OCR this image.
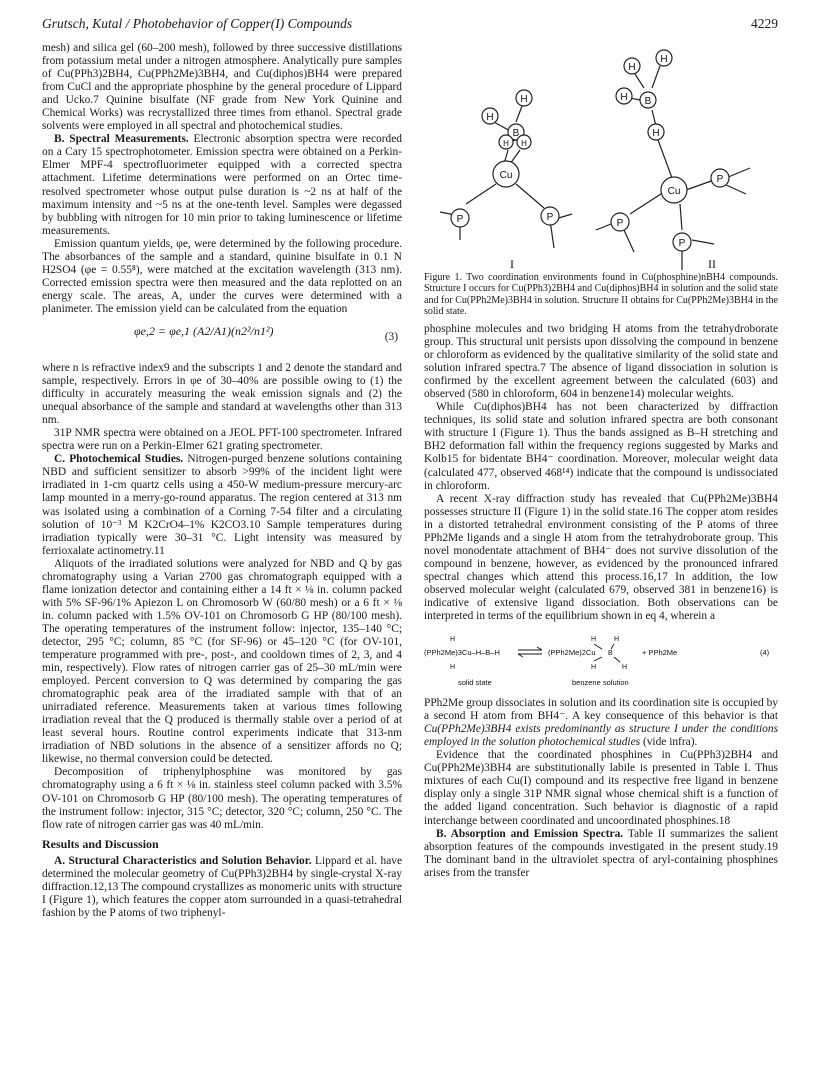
Grutsch, Kutal / Photobehavior of Copper(I) Compounds	4229

mesh) and silica gel (60–200 mesh), followed by three successive distillations from potassium metal under a nitrogen atmosphere. Analytically pure samples of Cu(PPh3)2BH4, Cu(PPh2Me)3BH4, and Cu(diphos)BH4 were prepared from CuCl and the appropriate phosphine by the general procedure of Lippard and Ucko.7 Quinine bisulfate (NF grade from New York Quinine and Chemical Works) was recrystallized three times from ethanol. Spectral grade solvents were employed in all spectral and photochemical studies.

B. Spectral Measurements. Electronic absorption spectra were recorded on a Cary 15 spectrophotometer. Emission spectra were obtained on a Perkin-Elmer MPF-4 spectrofluorimeter equipped with a corrected spectra attachment. Lifetime determinations were performed on an Ortec time-resolved spectrometer whose output pulse duration is ~2 ns at half of the maximum intensity and ~5 ns at the one-tenth level. Samples were degassed by bubbling with nitrogen for 10 min prior to taking luminescence or lifetime measurements.

Emission quantum yields, φe, were determined by the following procedure. The absorbances of the sample and a standard, quinine bisulfate in 0.1 N H2SO4 (φe = 0.55⁸), were matched at the excitation wavelength (313 nm). Corrected emission spectra were then measured and the data replotted on an energy scale. The areas, A, under the curves were determined with a planimeter. The emission yield can be calculated from the equation

φe,2 = φe,1 (A2/A1)(n2²/n1²)	(3)

where n is refractive index9 and the subscripts 1 and 2 denote the standard and sample, respectively. Errors in φe of 30–40% are possible owing to (1) the difficulty in accurately measuring the weak emission signals and (2) the unequal absorbance of the sample and standard at wavelengths other than 313 nm.

31P NMR spectra were obtained on a JEOL PFT-100 spectrometer. Infrared spectra were run on a Perkin-Elmer 621 grating spectrometer.

C. Photochemical Studies. Nitrogen-purged benzene solutions containing NBD and sufficient sensitizer to absorb >99% of the incident light were irradiated in 1-cm quartz cells using a 450-W medium-pressure mercury-arc lamp mounted in a merry-go-round apparatus. The region centered at 313 nm was isolated using a combination of a Corning 7-54 filter and a circulating solution of 10⁻³ M K2CrO4–1% K2CO3.10 Sample temperatures during irradiation typically were 30–31 °C. Light intensity was measured by ferrioxalate actinometry.11

Aliquots of the irradiated solutions were analyzed for NBD and Q by gas chromatography using a Varian 2700 gas chromatograph equipped with a flame ionization detector and containing either a 14 ft × ⅛ in. column packed with 5% SF-96/1% Apiezon L on Chromosorb W (60/80 mesh) or a 6 ft × ⅛ in. column packed with 1.5% OV-101 on Chromosorb G HP (80/100 mesh). The operating temperatures of the instrument follow: injector, 135–140 °C; detector, 295 °C; column, 85 °C (for SF-96) or 45–120 °C (for OV-101, temperature programmed with pre-, post-, and cooldown times of 2, 3, and 4 min, respectively). Flow rates of nitrogen carrier gas of 25–30 mL/min were employed. Percent conversion to Q was determined by comparing the gas chromatographic peak area of the irradiated sample with that of an unirradiated reference. Measurements taken at various times following irradiation reveal that the Q produced is thermally stable over a period of at least several hours. Routine control experiments indicate that 313-nm irradiation of NBD solutions in the absence of a sensitizer affords no Q; likewise, no thermal conversion could be detected.

Decomposition of triphenylphosphine was monitored by gas chromatography using a 6 ft × ⅛ in. stainless steel column packed with 3.5% OV-101 on Chromosorb G HP (80/100 mesh). The operating temperatures of the instrument follow: injector, 315 °C; detector, 320 °C; column, 250 °C. The flow rate of nitrogen carrier gas was 40 mL/min.

Results and Discussion

A. Structural Characteristics and Solution Behavior. Lippard et al. have determined the molecular geometry of Cu(PPh3)2BH4 by single-crystal X-ray diffraction.12,13 The compound crystallizes as monomeric units with structure I (Figure 1), which features the copper atom surrounded in a quasi-tetrahedral fashion by the P atoms of two triphenyl-

H
H
B
H H
Cu
P	P
H
H
H B
H
Cu
P
P
P
I	II
Figure 1. Two coordination environments found in Cu(phosphine)nBH4 compounds. Structure I occurs for Cu(PPh3)2BH4 and Cu(diphos)BH4 in solution and the solid state and for Cu(PPh2Me)3BH4 in solution. Structure II obtains for Cu(PPh2Me)3BH4 in the solid state.

phosphine molecules and two bridging H atoms from the tetrahydroborate group. This structural unit persists upon dissolving the compound in benzene or chloroform as evidenced by the qualitative similarity of the solid state and solution infrared spectra.7 The absence of ligand dissociation in solution is confirmed by the excellent agreement between the calculated (603) and observed (580 in chloroform, 604 in benzene14) molecular weights.

While Cu(diphos)BH4 has not been characterized by diffraction techniques, its solid state and solution infrared spectra are both consonant with structure I (Figure 1). Thus the bands assigned as B–H stretching and BH2 deformation fall within the frequency regions suggested by Marks and Kolb15 for bidentate BH4⁻ coordination. Moreover, molecular weight data (calculated 477, observed 468¹⁴) indicate that the compound is undissociated in chloroform.

A recent X-ray diffraction study has revealed that Cu(PPh2Me)3BH4 possesses structure II (Figure 1) in the solid state.16 The copper atom resides in a distorted tetrahedral environment consisting of the P atoms of three PPh2Me ligands and a single H atom from the tetrahydroborate group. This novel monodentate attachment of BH4⁻ does not survive dissolution of the compound in benzene, however, as evidenced by the pronounced infrared spectral changes which attend this process.16,17 In addition, the low observed molecular weight (calculated 679, observed 381 in benzene16) is indicative of extensive ligand dissociation. Both observations can be interpreted in terms of the equilibrium shown in eq 4, wherein a

H
(PPh2Me)3Cu–H–B–H
H
H	H
(PPh2Me)2Cu B
H	H
+ PPh2Me	(4)
solid state	benzene solution

PPh2Me group dissociates in solution and its coordination site is occupied by a second H atom from BH4⁻. A key consequence of this behavior is that Cu(PPh2Me)3BH4 exists predominantly as structure I under the conditions employed in the solution photochemical studies (vide infra).

Evidence that the coordinated phosphines in Cu(PPh3)2BH4 and Cu(PPh2Me)3BH4 are substitutionally labile is presented in Table I. Thus mixtures of each Cu(I) compound and its respective free ligand in benzene display only a single 31P NMR signal whose chemical shift is a function of the added ligand concentration. Such behavior is diagnostic of a rapid interchange between coordinated and uncoordinated phosphines.18

B. Absorption and Emission Spectra. Table II summarizes the salient absorption features of the compounds investigated in the present study.19 The dominant band in the ultraviolet spectra of aryl-containing phosphines arises from the transfer
